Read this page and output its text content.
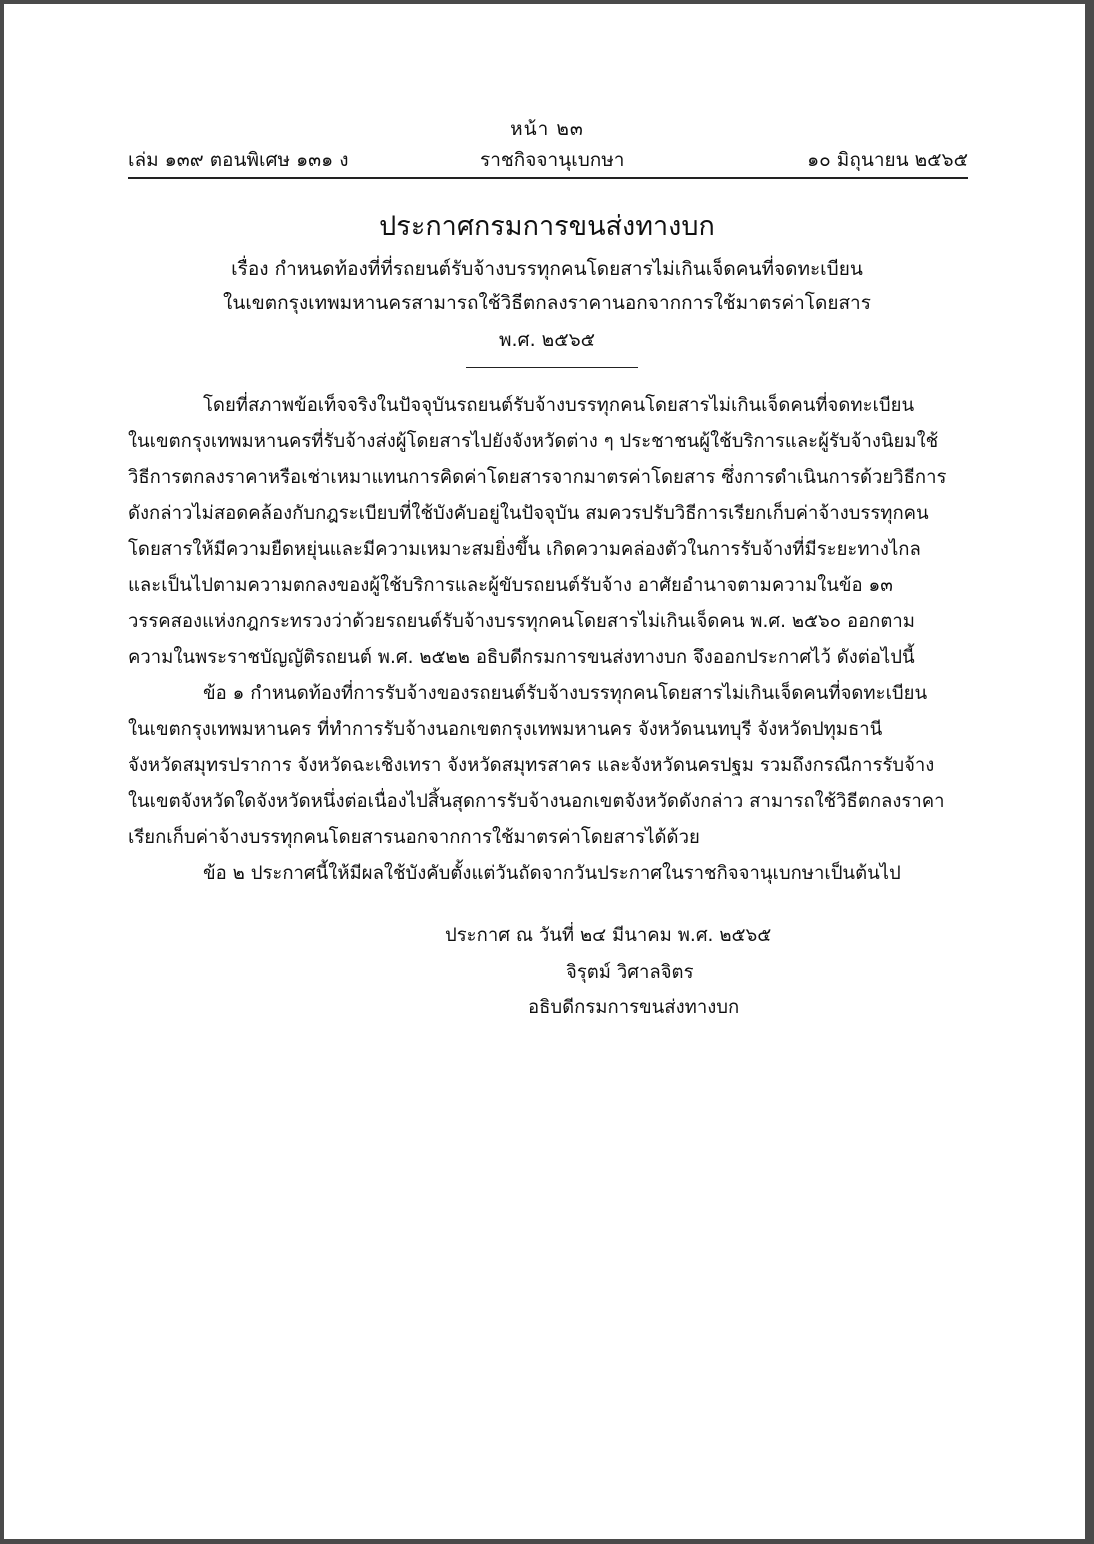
หน้า ๒๓
เล่ม ๑๓๙ ตอนพิเศษ ๑๓๑ ง	ราชกิจจานุเบกษา	๑๐ มิถุนายน ๒๕๖๕
ประกาศกรมการขนส่งทางบก
เรื่อง กำหนดท้องที่ที่รถยนต์รับจ้างบรรทุกคนโดยสารไม่เกินเจ็ดคนที่จดทะเบียน
ในเขตกรุงเทพมหานครสามารถใช้วิธีตกลงราคานอกจากการใช้มาตรค่าโดยสาร
พ.ศ. ๒๕๖๕
โดยที่สภาพข้อเท็จจริงในปัจจุบันรถยนต์รับจ้างบรรทุกคนโดยสารไม่เกินเจ็ดคนที่จดทะเบียน
ในเขตกรุงเทพมหานครที่รับจ้างส่งผู้โดยสารไปยังจังหวัดต่าง ๆ ประชาชนผู้ใช้บริการและผู้รับจ้างนิยมใช้
วิธีการตกลงราคาหรือเช่าเหมาแทนการคิดค่าโดยสารจากมาตรค่าโดยสาร ซึ่งการดำเนินการด้วยวิธีการ
ดังกล่าวไม่สอดคล้องกับกฎระเบียบที่ใช้บังคับอยู่ในปัจจุบัน สมควรปรับวิธีการเรียกเก็บค่าจ้างบรรทุกคน
โดยสารให้มีความยืดหยุ่นและมีความเหมาะสมยิ่งขึ้น เกิดความคล่องตัวในการรับจ้างที่มีระยะทางไกล
และเป็นไปตามความตกลงของผู้ใช้บริการและผู้ขับรถยนต์รับจ้าง อาศัยอำนาจตามความในข้อ ๑๓
วรรคสองแห่งกฎกระทรวงว่าด้วยรถยนต์รับจ้างบรรทุกคนโดยสารไม่เกินเจ็ดคน พ.ศ. ๒๕๖๐ ออกตาม
ความในพระราชบัญญัติรถยนต์ พ.ศ. ๒๕๒๒ อธิบดีกรมการขนส่งทางบก จึงออกประกาศไว้ ดังต่อไปนี้
ข้อ ๑ กำหนดท้องที่การรับจ้างของรถยนต์รับจ้างบรรทุกคนโดยสารไม่เกินเจ็ดคนที่จดทะเบียน
ในเขตกรุงเทพมหานคร ที่ทำการรับจ้างนอกเขตกรุงเทพมหานคร จังหวัดนนทบุรี จังหวัดปทุมธานี
จังหวัดสมุทรปราการ จังหวัดฉะเชิงเทรา จังหวัดสมุทรสาคร และจังหวัดนครปฐม รวมถึงกรณีการรับจ้าง
ในเขตจังหวัดใดจังหวัดหนึ่งต่อเนื่องไปสิ้นสุดการรับจ้างนอกเขตจังหวัดดังกล่าว สามารถใช้วิธีตกลงราคา
เรียกเก็บค่าจ้างบรรทุกคนโดยสารนอกจากการใช้มาตรค่าโดยสารได้ด้วย
ข้อ ๒ ประกาศนี้ให้มีผลใช้บังคับตั้งแต่วันถัดจากวันประกาศในราชกิจจานุเบกษาเป็นต้นไป
ประกาศ ณ วันที่ ๒๔ มีนาคม พ.ศ. ๒๕๖๕
จิรุตม์ วิศาลจิตร
อธิบดีกรมการขนส่งทางบก
